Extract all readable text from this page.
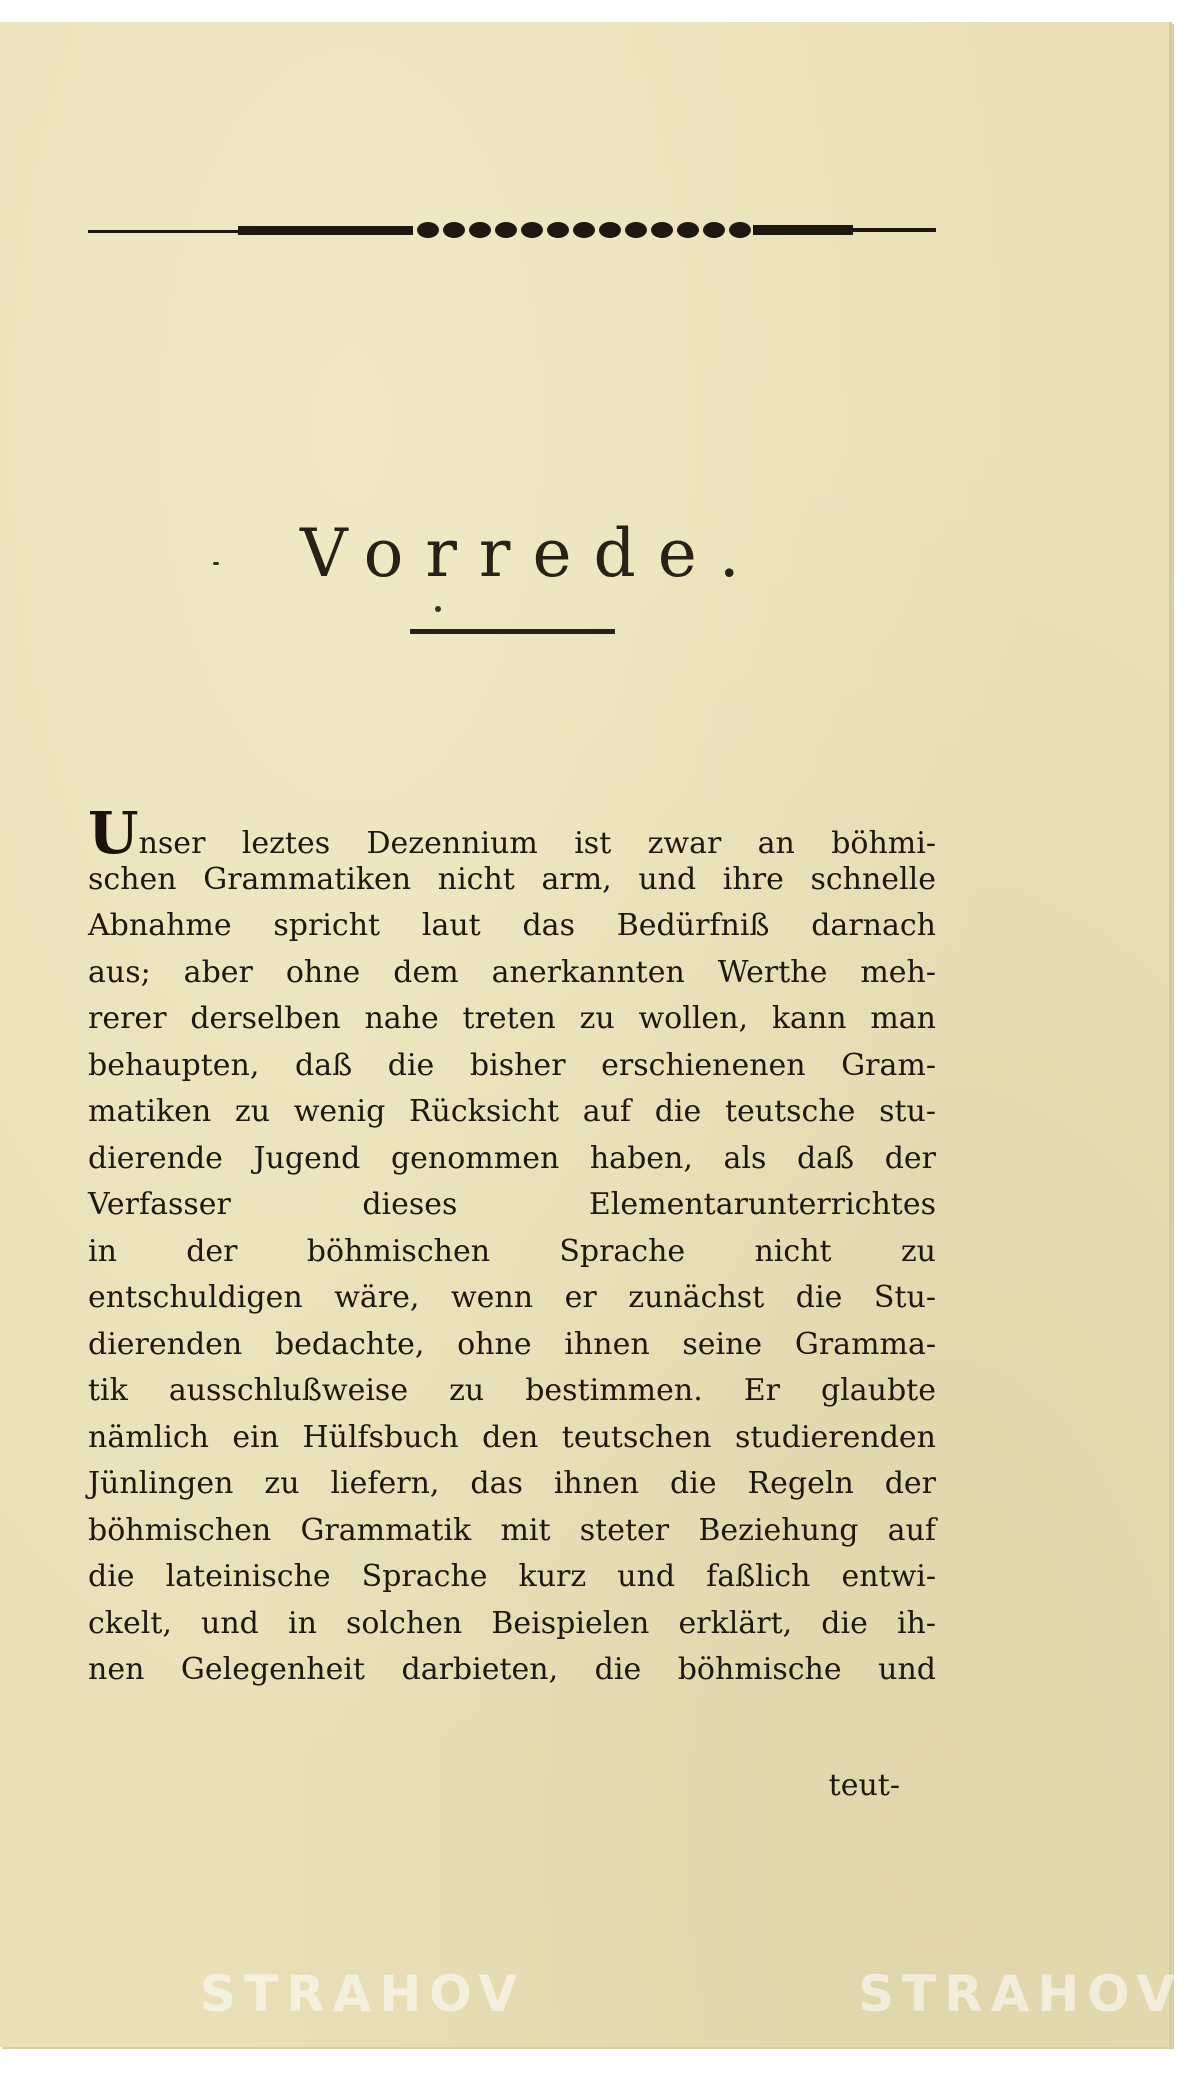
Vorrede.
Unser leztes Dezennium ist zwar an böhmi-
schen Grammatiken nicht arm, und ihre schnelle
Abnahme spricht laut das Bedürfniß darnach
aus; aber ohne dem anerkannten Werthe meh-
rerer derselben nahe treten zu wollen, kann man
behaupten, daß die bisher erschienenen Gram-
matiken zu wenig Rücksicht auf die teutsche stu-
dierende Jugend genommen haben, als daß der
Verfasser dieses Elementarunterrichtes
in der böhmischen Sprache nicht zu
entschuldigen wäre, wenn er zunächst die Stu-
dierenden bedachte, ohne ihnen seine Gramma-
tik ausschlußweise zu bestimmen. Er glaubte
nämlich ein Hülfsbuch den teutschen studierenden
Jünlingen zu liefern, das ihnen die Regeln der
böhmischen Grammatik mit steter Beziehung auf
die lateinische Sprache kurz und faßlich entwi-
ckelt, und in solchen Beispielen erklärt, die ih-
nen Gelegenheit darbieten, die böhmische und
teut-
STRAHOV	STRAHOV
